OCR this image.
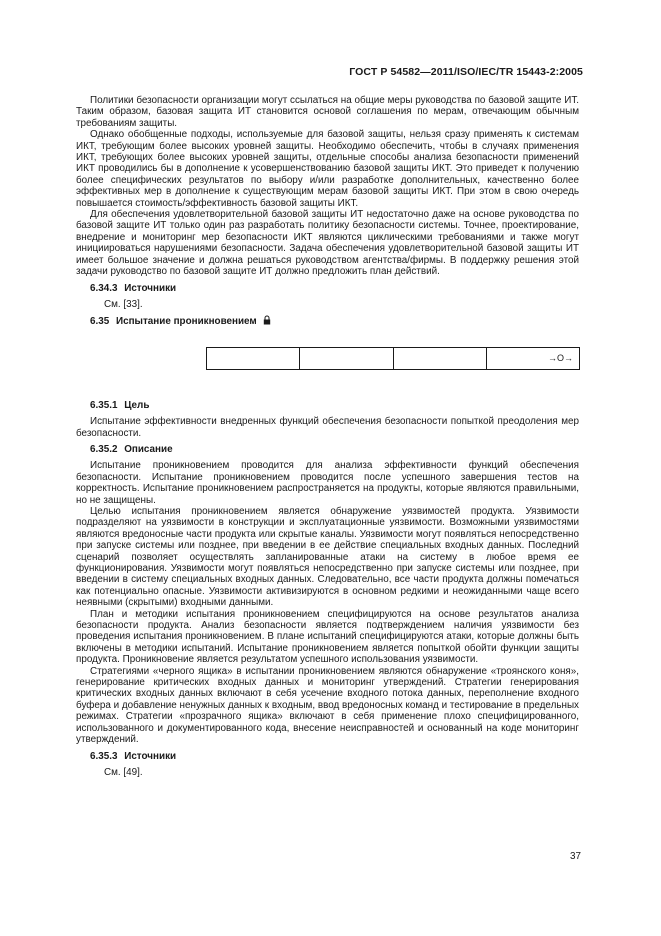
ГОСТ Р 54582—2011/ISO/IEC/TR 15443-2:2005

Политики безопасности организации могут ссылаться на общие меры руководства по базовой защите ИТ. Таким образом, базовая защита ИТ становится основой соглашения по мерам, отвечающим обычным требованиям защиты.

Однако обобщенные подходы, используемые для базовой защиты, нельзя сразу применять к системам ИКТ, требующим более высоких уровней защиты. Необходимо обеспечить, чтобы в случаях применения ИКТ, требующих более высоких уровней защиты, отдельные способы анализа безопасности применений ИКТ проводились бы в дополнение к усовершенствованию базовой защиты ИКТ. Это приведет к получению более специфических результатов по выбору и/или разработке дополнительных, качественно более эффективных мер в дополнение к существующим мерам базовой защиты ИКТ. При этом в свою очередь повышается стоимость/эффективность базовой защиты ИКТ.

Для обеспечения удовлетворительной базовой защиты ИТ недостаточно даже на основе руководства по базовой защите ИТ только один раз разработать политику безопасности системы. Точнее, проектирование, внедрение и мониторинг мер безопасности ИКТ являются циклическими требованиями и также могут инициироваться нарушениями безопасности. Задача обеспечения удовлетворительной базовой защиты ИТ имеет большое значение и должна решаться руководством агентства/фирмы. В поддержку решения этой задачи руководство по базовой защите ИТ должно предложить план действий.

6.34.3 Источники

См. [33].

6.35 Испытание проникновением
			→O→
6.35.1 Цель

Испытание эффективности внедренных функций обеспечения безопасности попыткой преодоления мер безопасности.

6.35.2 Описание

Испытание проникновением проводится для анализа эффективности функций обеспечения безопасности. Испытание проникновением проводится после успешного завершения тестов на корректность. Испытание проникновением распространяется на продукты, которые являются правильными, но не защищены.

Целью испытания проникновением является обнаружение уязвимостей продукта. Уязвимости подразделяют на уязвимости в конструкции и эксплуатационные уязвимости. Возможными уязвимостями являются вредоносные части продукта или скрытые каналы. Уязвимости могут появляться непосредственно при запуске системы или позднее, при введении в ее действие специальных входных данных. Последний сценарий позволяет осуществлять запланированные атаки на систему в любое время ее функционирования. Уязвимости могут появляться непосредственно при запуске системы или позднее, при введении в систему специальных входных данных. Следовательно, все части продукта должны помечаться как потенциально опасные. Уязвимости активизируются в основном редкими и неожиданными чаще всего неявными (скрытыми) входными данными.

План и методики испытания проникновением специфицируются на основе результатов анализа безопасности продукта. Анализ безопасности является подтверждением наличия уязвимости без проведения испытания проникновением. В плане испытаний специфицируются атаки, которые должны быть включены в методики испытаний. Испытание проникновением является попыткой обойти функции защиты продукта. Проникновение является результатом успешного использования уязвимости.

Стратегиями «черного ящика» в испытании проникновением являются обнаружение «троянского коня», генерирование критических входных данных и мониторинг утверждений. Стратегии генерирования критических входных данных включают в себя усечение входного потока данных, переполнение входного буфера и добавление ненужных данных к входным, ввод вредоносных команд и тестирование в предельных режимах. Стратегии «прозрачного ящика» включают в себя применение плохо специфицированного, использованного и документированного кода, внесение неисправностей и основанный на коде мониторинг утверждений.

6.35.3 Источники

См. [49].

37
